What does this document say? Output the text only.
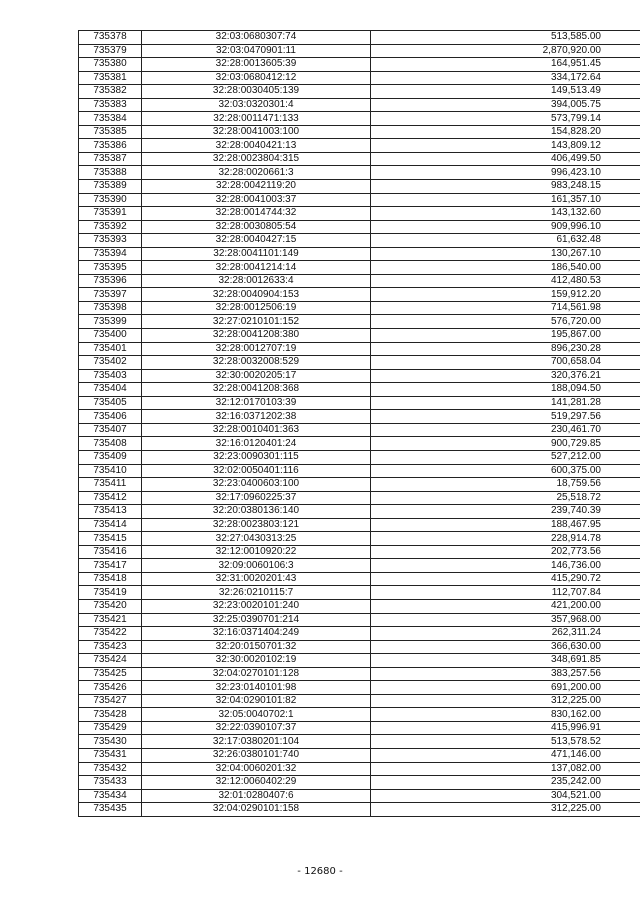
735378	32:03:0680307:74	513,585.00
735379	32:03:0470901:11	2,870,920.00
735380	32:28:0013605:39	164,951.45
735381	32:03:0680412:12	334,172.64
735382	32:28:0030405:139	149,513.49
735383	32:03:0320301:4	394,005.75
735384	32:28:0011471:133	573,799.14
735385	32:28:0041003:100	154,828.20
735386	32:28:0040421:13	143,809.12
735387	32:28:0023804:315	406,499.50
735388	32:28:0020661:3	996,423.10
735389	32:28:0042119:20	983,248.15
735390	32:28:0041003:37	161,357.10
735391	32:28:0014744:32	143,132.60
735392	32:28:0030805:54	909,996.10
735393	32:28:0040427:15	61,632.48
735394	32:28:0041101:149	130,267.10
735395	32:28:0041214:14	186,540.00
735396	32:28:0012633:4	412,480.53
735397	32:28:0040904:153	159,912.20
735398	32:28:0012506:19	714,561.98
735399	32:27:0210101:152	576,720.00
735400	32:28:0041208:380	195,867.00
735401	32:28:0012707:19	896,230.28
735402	32:28:0032008:529	700,658.04
735403	32:30:0020205:17	320,376.21
735404	32:28:0041208:368	188,094.50
735405	32:12:0170103:39	141,281.28
735406	32:16:0371202:38	519,297.56
735407	32:28:0010401:363	230,461.70
735408	32:16:0120401:24	900,729.85
735409	32:23:0090301:115	527,212.00
735410	32:02:0050401:116	600,375.00
735411	32:23:0400603:100	18,759.56
735412	32:17:0960225:37	25,518.72
735413	32:20:0380136:140	239,740.39
735414	32:28:0023803:121	188,467.95
735415	32:27:0430313:25	228,914.78
735416	32:12:0010920:22	202,773.56
735417	32:09:0060106:3	146,736.00
735418	32:31:0020201:43	415,290.72
735419	32:26:0210115:7	112,707.84
735420	32:23:0020101:240	421,200.00
735421	32:25:0390701:214	357,968.00
735422	32:16:0371404:249	262,311.24
735423	32:20:0150701:32	366,630.00
735424	32:30:0020102:19	348,691.85
735425	32:04:0270101:128	383,257.56
735426	32:23:0140101:98	691,200.00
735427	32:04:0290101:82	312,225.00
735428	32:05:0040702:1	830,162.00
735429	32:22:0390107:37	415,996.91
735430	32:17:0380201:104	513,578.52
735431	32:26:0380101:740	471,146.00
735432	32:04:0060201:32	137,082.00
735433	32:12:0060402:29	235,242.00
735434	32:01:0280407:6	304,521.00
735435	32:04:0290101:158	312,225.00
- 12680 -
